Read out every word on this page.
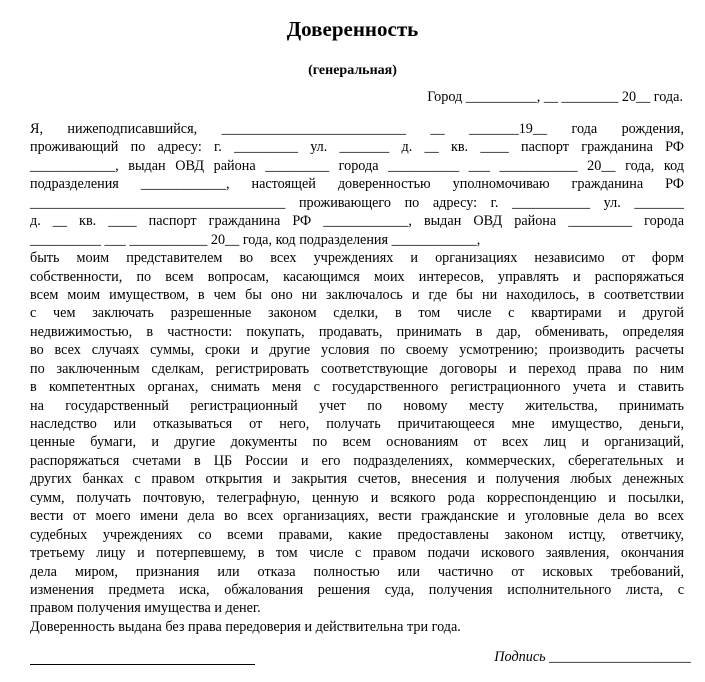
Доверенность
(генеральная)
Город __________, __ ________ 20__ года.
Я, нижеподписавшийся, __________________________ __ _______19__ года рождения,
проживающий по адресу: г. _________ ул. _______ д. __ кв. ____ паспорт гражданина РФ
____________, выдан ОВД района _________ города __________ ___ ___________ 20__ года, код
подразделения ____________, настоящей доверенностью уполномочиваю гражданина РФ
____________________________________ проживающего по адресу: г. ___________ ул. _______
д. __ кв. ____ паспорт гражданина РФ ____________, выдан ОВД района _________ города
__________ ___ ___________ 20__ года, код подразделения ____________,
быть моим представителем во всех учреждениях и организациях независимо от форм
собственности, по всем вопросам, касающимся моих интересов, управлять и распоряжаться
всем моим имуществом, в чем бы оно ни заключалось и где бы ни находилось, в соответствии
с чем заключать разрешенные законом сделки, в том числе с квартирами и другой
недвижимостью, в частности: покупать, продавать, принимать в дар, обменивать, определяя
во всех случаях суммы, сроки и другие условия по своему усмотрению; производить расчеты
по заключенным сделкам, регистрировать соответствующие договоры и переход права по ним
в компетентных органах, снимать меня с государственного регистрационного учета и ставить
на государственный регистрационный учет по новому месту жительства, принимать
наследство или отказываться от него, получать причитающееся мне имущество, деньги,
ценные бумаги, и другие документы по всем основаниям от всех лиц и организаций,
распоряжаться счетами в ЦБ России и его подразделениях, коммерческих, сберегательных и
других банках с правом открытия и закрытия счетов, внесения и получения любых денежных
сумм, получать почтовую, телеграфную, ценную и всякого рода корреспонденцию и посылки,
вести от моего имени дела во всех организациях, вести гражданские и уголовные дела во всех
судебных учреждениях со всеми правами, какие предоставлены законом истцу, ответчику,
третьему лицу и потерпевшему, в том числе с правом подачи искового заявления, окончания
дела миром, признания или отказа полностью или частично от исковых требований,
изменения предмета иска, обжалования решения суда, получения исполнительного листа, с
правом получения имущества и денег.
Доверенность выдана без права передоверия и действительна три года.
Подпись ____________________
